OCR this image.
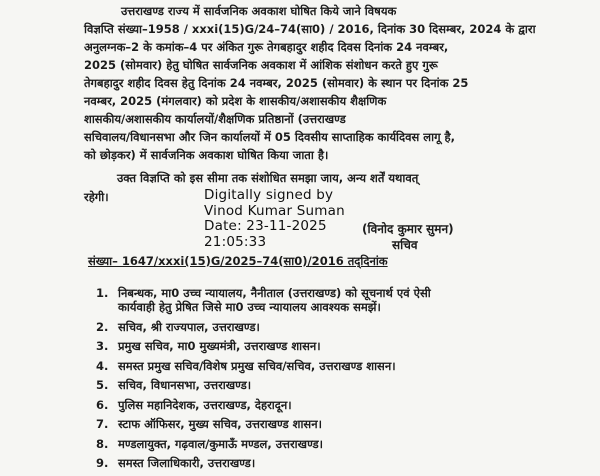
उत्तराखण्ड राज्य में सार्वजनिक अवकाश घोषित किये जाने विषयक
विज्ञप्ति संख्या–1958 / xxxi(15)G/24–74(सा0) / 2016, दिनांक 30 दिसम्बर, 2024 के द्वारा
अनुलग्नक–2 के कमांक–4 पर अंकित गुरू तेगबहादुर शहीद दिवस दिनांक 24 नवम्बर,
2025 (सोमवार) हेतु घोषित सार्वजनिक अवकाश में आंशिक संशोधन करते हुए गुरू
तेगबहादुर शहीद दिवस हेतु दिनांक 24 नवम्बर, 2025 (सोमवार) के स्थान पर दिनांक 25
नवम्बर, 2025 (मंगलवार) को प्रदेश के शासकीय/अशासकीय शैक्षणिक
शासकीय/अशासकीय कार्यालयों/शैक्षणिक प्रतिष्ठानों (उत्तराखण्ड
सचिवालय/विधानसभा और जिन कार्यालयों में 05 दिवसीय साप्ताहिक कार्यदिवस लागू है,
को छोड़कर) में सार्वजनिक अवकाश घोषित किया जाता है।
उक्त विज्ञप्ति को इस सीमा तक संशोधित समझा जाय, अन्य शर्तें यथावत्
रहेगी।	Digitally signed by
Vinod Kumar Suman
Date: 23-11-2025
21:05:33
(विनोद कुमार सुमन)
सचिव
संख्या– 1647/xxxi(15)G/2025–74(सा0)/2016 तद्‌दिनांक
1. निबन्धक, मा0 उच्च न्यायालय, नैनीताल (उत्तराखण्ड) को सूचनार्थ एवं ऐसी
कार्यवाही हेतु प्रेषित जिसे मा0 उच्च न्यायालय आवश्यक समझें।
2. सचिव, श्री राज्यपाल, उत्तराखण्ड।
3. प्रमुख सचिव, मा0 मुख्यमंत्री, उत्तराखण्ड शासन।
4. समस्त प्रमुख सचिव/विशेष प्रमुख सचिव/सचिव, उत्तराखण्ड शासन।
5. सचिव, विधानसभा, उत्तराखण्ड।
6. पुलिस महानिदेशक, उत्तराखण्ड, देहरादून।
7. स्टाफ ऑफिसर, मुख्य सचिव, उत्तराखण्ड शासन।
8. मण्डलायुक्त, गढ़वाल/कुमाऊँ मण्डल, उत्तराखण्ड।
9. समस्त जिलाधिकारी, उत्तराखण्ड।
